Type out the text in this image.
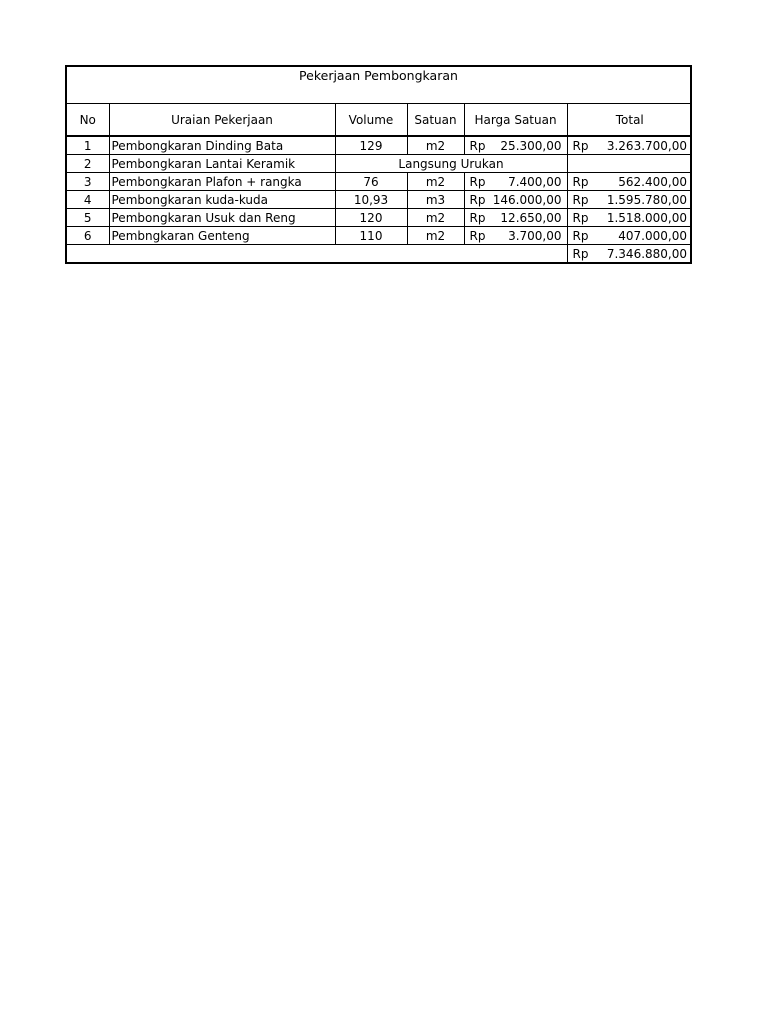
Pekerjaan Pembongkaran
No	Uraian Pekerjaan	Volume	Satuan	Harga Satuan	Total
1	Pembongkaran Dinding Bata	129	m2	Rp 25.300,00	Rp 3.263.700,00

2	Pembongkaran Lantai Keramik	Langsung Urukan			
3	Pembongkaran Plafon + rangka	76	m2	Rp 7.400,00	Rp 562.400,00

4	Pembongkaran kuda-kuda	10,93	m3	Rp 146.000,00	Rp 1.595.780,00

5	Pembongkaran Usuk dan Reng	120	m2	Rp 12.650,00	Rp 1.518.000,00

6	Pembngkaran Genteng	110	m2	Rp 3.700,00	Rp 407.000,00

					Rp 7.346.880,00
